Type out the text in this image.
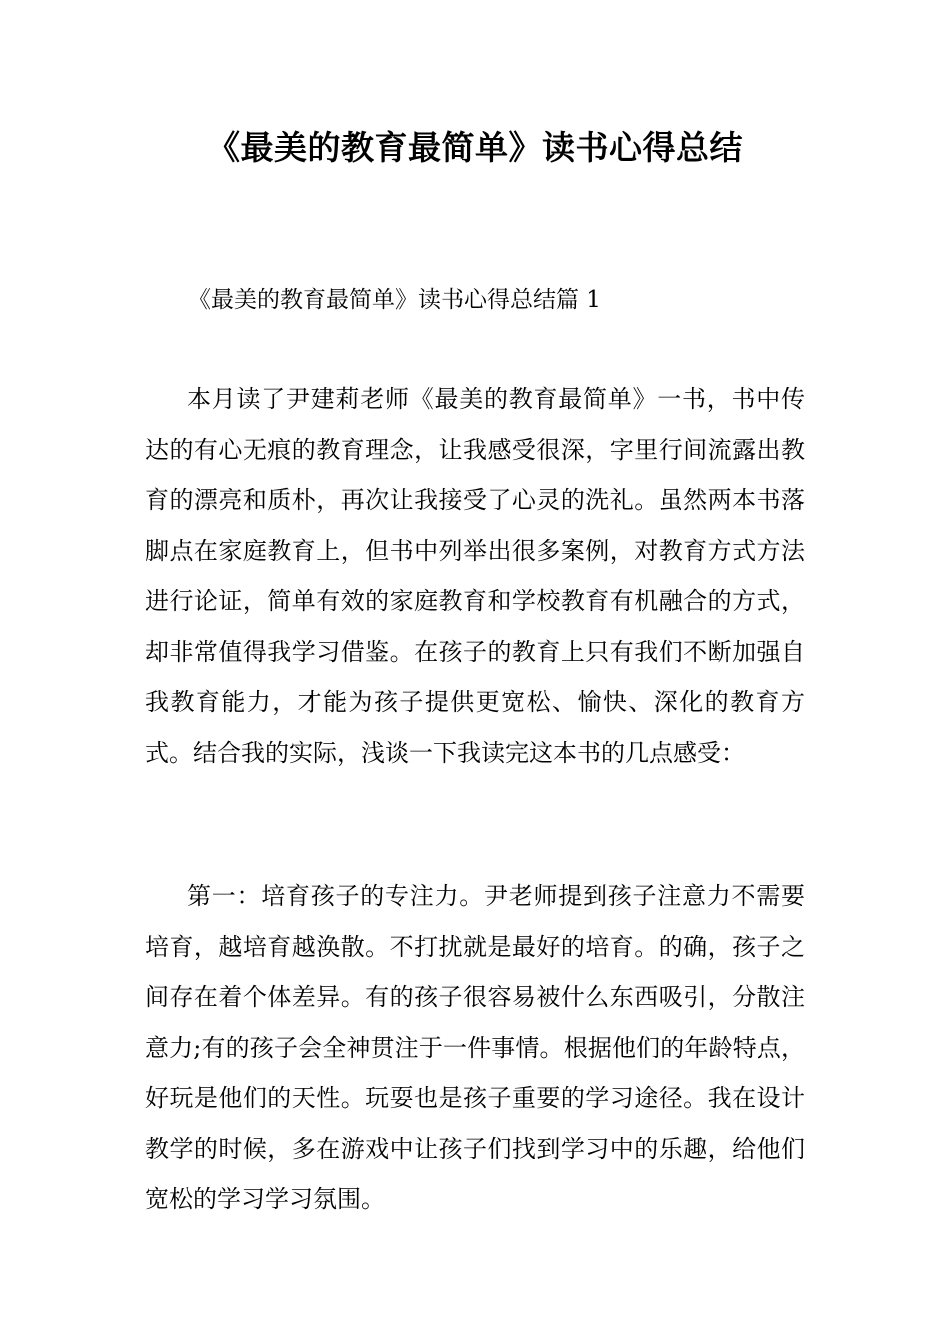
《最美的教育最简单》读书心得总结
《最美的教育最简单》读书心得总结篇 1

本月读了尹建莉老师《最美的教育最简单》一书，书中传达的有心无痕的教育理念，让我感受很深，字里行间流露出教育的漂亮和质朴，再次让我接受了心灵的洗礼。虽然两本书落脚点在家庭教育上，但书中列举出很多案例，对教育方式方法进行论证，简单有效的家庭教育和学校教育有机融合的方式，却非常值得我学习借鉴。在孩子的教育上只有我们不断加强自我教育能力，才能为孩子提供更宽松、愉快、深化的教育方式。结合我的实际，浅谈一下我读完这本书的几点感受：

第一：培育孩子的专注力。尹老师提到孩子注意力不需要培育，越培育越涣散。不打扰就是最好的培育。的确，孩子之间存在着个体差异。有的孩子很容易被什么东西吸引，分散注意力;有的孩子会全神贯注于一件事情。根据他们的年龄特点，好玩是他们的天性。玩耍也是孩子重要的学习途径。我在设计教学的时候，多在游戏中让孩子们找到学习中的乐趣，给他们宽松的学习学习氛围。
